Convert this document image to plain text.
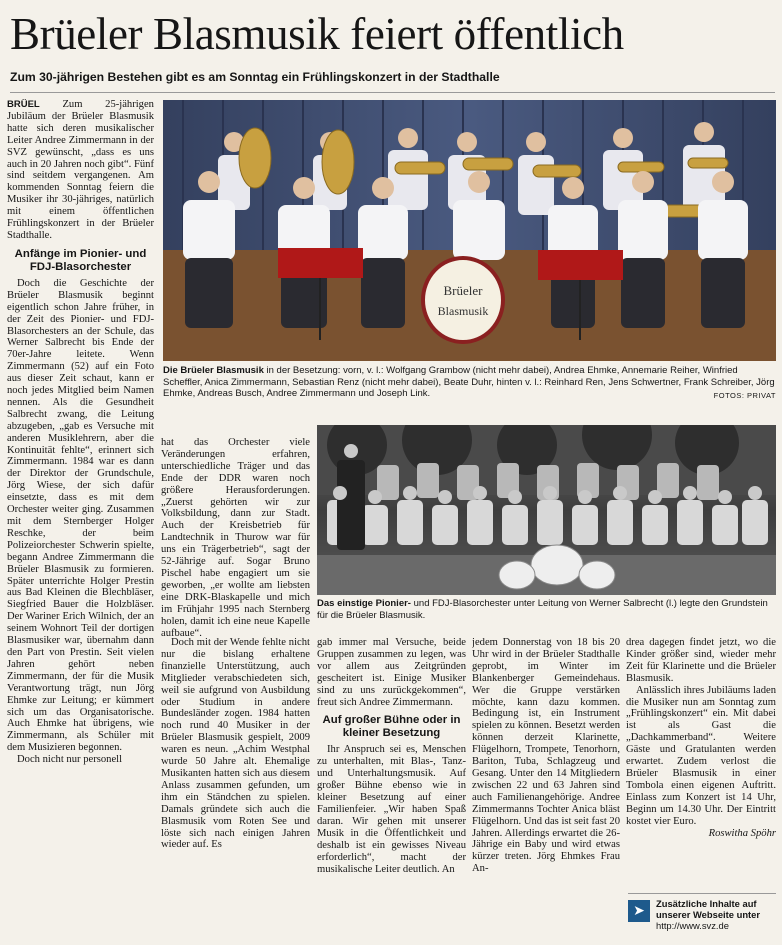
Brüeler Blasmusik feiert öffentlich
Zum 30-jährigen Bestehen gibt es am Sonntag ein Frühlingskonzert in der Stadthalle

BRÜEL Zum 25-jährigen Jubiläum der Brüeler Blasmusik hatte sich deren musikalischer Leiter Andree Zimmermann in der SVZ gewünscht, „dass es uns auch in 20 Jahren noch gibt“. Fünf sind seitdem vergangenen. Am kommenden Sonntag feiern die Musiker ihr 30-jähriges, natürlich mit einem öffentlichen Frühlingskonzert in der Brüeler Stadthalle.

Anfänge im Pionier- und FDJ-Blasorchester

Doch die Geschichte der Brüeler Blasmusik beginnt eigentlich schon Jahre früher, in der Zeit des Pionier- und FDJ-Blasorchesters an der Schule, das Werner Salbrecht bis Ende der 70er-Jahre leitete. Wenn Zimmermann (52) auf ein Foto aus dieser Zeit schaut, kann er noch jedes Mitglied beim Namen nennen. Als die Gesundheit Salbrecht zwang, die Leitung abzugeben, „gab es Versuche mit anderen Musiklehrern, aber die Kontinuität fehlte“, erinnert sich Zimmermann. 1984 war es dann der Direktor der Grundschule, Jörg Wiese, der sich dafür einsetzte, dass es mit dem Orchester weiter ging. Zusammen mit dem Sternberger Holger Reschke, der beim Polizeiorchester Schwerin spielte, begann Andree Zimmermann die Brüeler Blasmusik zu formieren. Später unterrichte Holger Prestin aus Bad Kleinen die Blechbläser, Siegfried Bauer die Holzbläser. Der Wariner Erich Wilnich, der an seinem Wohnort Teil der dortigen Blasmusiker war, übernahm dann den Part von Prestin. Seit vielen Jahren gehört neben Zimmermann, der für die Musik Verantwortung trägt, nun Jörg Ehmke zur Leitung; er kümmert sich um das Organisatorische. Auch Ehmke hat übrigens, wie Zimmermann, als Schüler mit dem Musizieren begonnen.

Doch nicht nur personell

Brüeler
Blasmusik
Die Brüeler Blasmusik in der Besetzung: vorn, v. l.: Wolfgang Grambow (nicht mehr dabei), Andrea Ehmke, Annemarie Reiher, Winfried Scheffler, Anica Zimmermann, Sebastian Renz (nicht mehr dabei), Beate Duhr, hinten v. l.: Reinhard Ren, Jens Schwertner, Frank Schreiber, Jörg Ehmke, Andreas Busch, Andree Zimmermann und Joseph Link.	FOTOS: PRIVAT

hat das Orchester viele Veränderungen erfahren, unterschiedliche Träger und das Ende der DDR waren noch größere Herausforderungen. „Zuerst gehörten wir zur Volksbildung, dann zur Stadt. Auch der Kreisbetrieb für Landtechnik in Thurow war für uns ein Trägerbetrieb“, sagt der 52-Jährige auf. Sogar Bruno Pischel habe engagiert um sie geworben, „er wollte am liebsten eine DRK-Blaskapelle und mich im Frühjahr 1995 nach Sternberg holen, damit ich eine neue Kapelle aufbaue“.

Das einstige Pionier- und FDJ-Blasorchester unter Leitung von Werner Salbrecht (l.) legte den Grundstein für die Brüeler Blasmusik.

Doch mit der Wende fehlte nicht nur die bislang erhaltene finanzielle Unterstützung, auch Mitglieder verabschiedeten sich, weil sie aufgrund von Ausbildung oder Studium in andere Bundesländer zogen. 1984 hatten noch rund 40 Musiker in der Brüeler Blasmusik gespielt, 2009 waren es neun. „Achim Westphal wurde 50 Jahre alt. Ehemalige Musikanten hatten sich aus diesem Anlass zusammen gefunden, um ihm ein Ständchen zu spielen. Damals gründete sich auch die Blasmusik vom Roten See und löste sich nach einigen Jahren wieder auf. Es

gab immer mal Versuche, beide Gruppen zusammen zu legen, was vor allem aus Zeitgründen gescheitert ist. Einige Musiker sind zu uns zurückgekommen“, freut sich Andree Zimmermann.

Auf großer Bühne oder in kleiner Besetzung

Ihr Anspruch sei es, Menschen zu unterhalten, mit Blas-, Tanz- und Unterhaltungsmusik. Auf großer Bühne ebenso wie in kleiner Besetzung auf einer Familienfeier. „Wir haben Spaß daran. Wir gehen mit unserer Musik in die Öffentlichkeit und deshalb ist ein gewisses Niveau erforderlich“, macht der musikalische Leiter deutlich. An

jedem Donnerstag von 18 bis 20 Uhr wird in der Brüeler Stadthalle geprobt, im Winter im Blankenberger Gemeindehaus. Wer die Gruppe verstärken möchte, kann dazu kommen. Bedingung ist, ein Instrument spielen zu können. Besetzt werden können derzeit Klarinette, Flügelhorn, Trompete, Tenorhorn, Bariton, Tuba, Schlagzeug und Gesang. Unter den 14 Mitgliedern zwischen 22 und 63 Jahren sind auch Familienangehörige. Andree Zimmermanns Tochter Anica bläst Flügelhorn. Und das ist seit fast 20 Jahren. Allerdings erwartet die 26-Jährige ein Baby und wird etwas kürzer treten. Jörg Ehmkes Frau An-

drea dagegen findet jetzt, wo die Kinder größer sind, wieder mehr Zeit für Klarinette und die Brüeler Blasmusik.

Anlässlich ihres Jubiläums laden die Musiker nun am Sonntag zum „Frühlingskonzert“ ein. Mit dabei ist als Gast die „Dachkammerband“. Weitere Gäste und Gratulanten werden erwartet. Zudem verlost die Brüeler Blasmusik in einer Tombola einen eigenen Auftritt. Einlass zum Konzert ist 14 Uhr, Beginn um 14.30 Uhr. Der Eintritt kostet vier Euro.

Roswitha Spöhr

➤	Zusätzliche Inhalte auf
unserer Webseite unter
http://www.svz.de
